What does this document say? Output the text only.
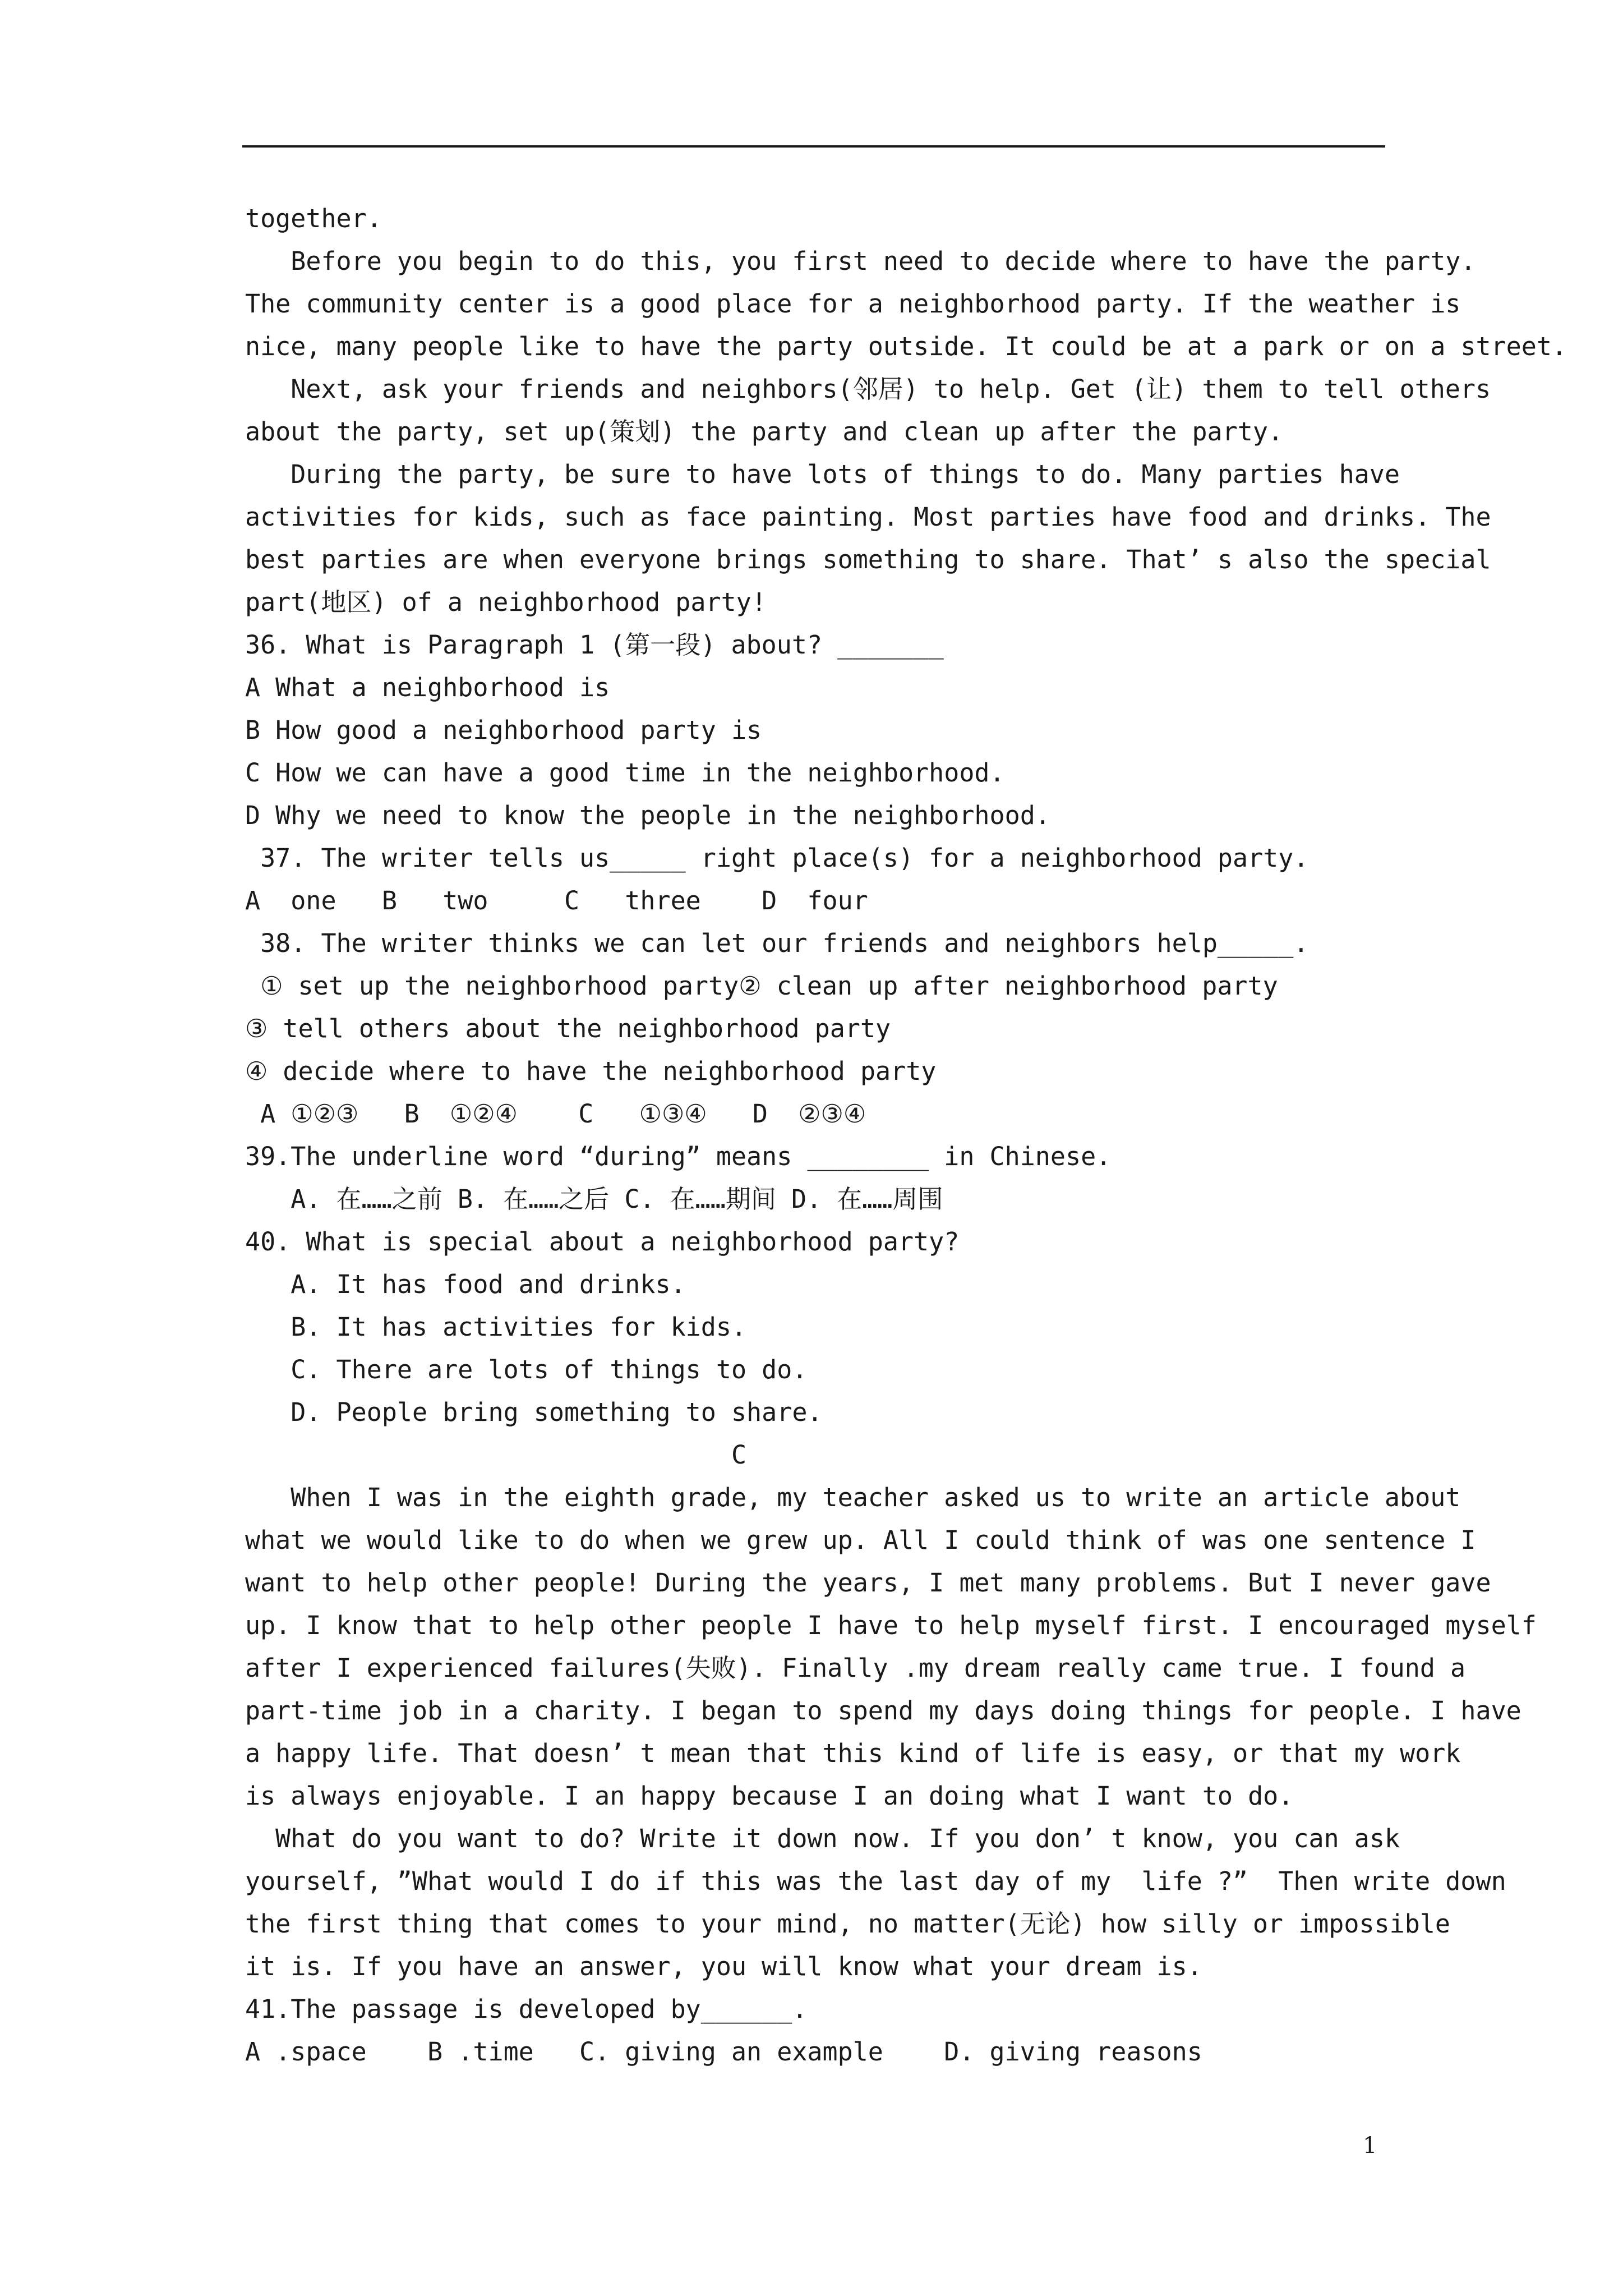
together.
Before you begin to do this, you first need to decide where to have the party.
The community center is a good place for a neighborhood party. If the weather is
nice, many people like to have the party outside. It could be at a park or on a street.
Next, ask your friends and neighbors(邻居) to help. Get (让) them to tell others
about the party, set up(策划) the party and clean up after the party.
During the party, be sure to have lots of things to do. Many parties have
activities for kids, such as face painting. Most parties have food and drinks. The
best parties are when everyone brings something to share. That’ s also the special
part(地区) of a neighborhood party!
36. What is Paragraph 1 (第一段) about? _______
A What a neighborhood is
B How good a neighborhood party is
C How we can have a good time in the neighborhood.
D Why we need to know the people in the neighborhood.
37. The writer tells us_____ right place(s) for a neighborhood party.
A  one   B   two     C   three    D  four
38. The writer thinks we can let our friends and neighbors help_____.
① set up the neighborhood party② clean up after neighborhood party
③ tell others about the neighborhood party
④ decide where to have the neighborhood party
A ①②③   B  ①②④    C   ①③④   D  ②③④
39.The underline word “during” means ________ in Chinese.
A. 在……之前 B. 在……之后 C. 在……期间 D. 在……周围
40. What is special about a neighborhood party?
A. It has food and drinks.
B. It has activities for kids.
C. There are lots of things to do.
D. People bring something to share.
C
When I was in the eighth grade, my teacher asked us to write an article about
what we would like to do when we grew up. All I could think of was one sentence I
want to help other people! During the years, I met many problems. But I never gave
up. I know that to help other people I have to help myself first. I encouraged myself
after I experienced failures(失败). Finally .my dream really came true. I found a
part-time job in a charity. I began to spend my days doing things for people. I have
a happy life. That doesn’ t mean that this kind of life is easy, or that my work
is always enjoyable. I an happy because I an doing what I want to do.
What do you want to do? Write it down now. If you don’ t know, you can ask
yourself, ”What would I do if this was the last day of my  life ?”  Then write down
the first thing that comes to your mind, no matter(无论) how silly or impossible
it is. If you have an answer, you will know what your dream is.
41.The passage is developed by______.
A .space    B .time   C. giving an example    D. giving reasons
1
